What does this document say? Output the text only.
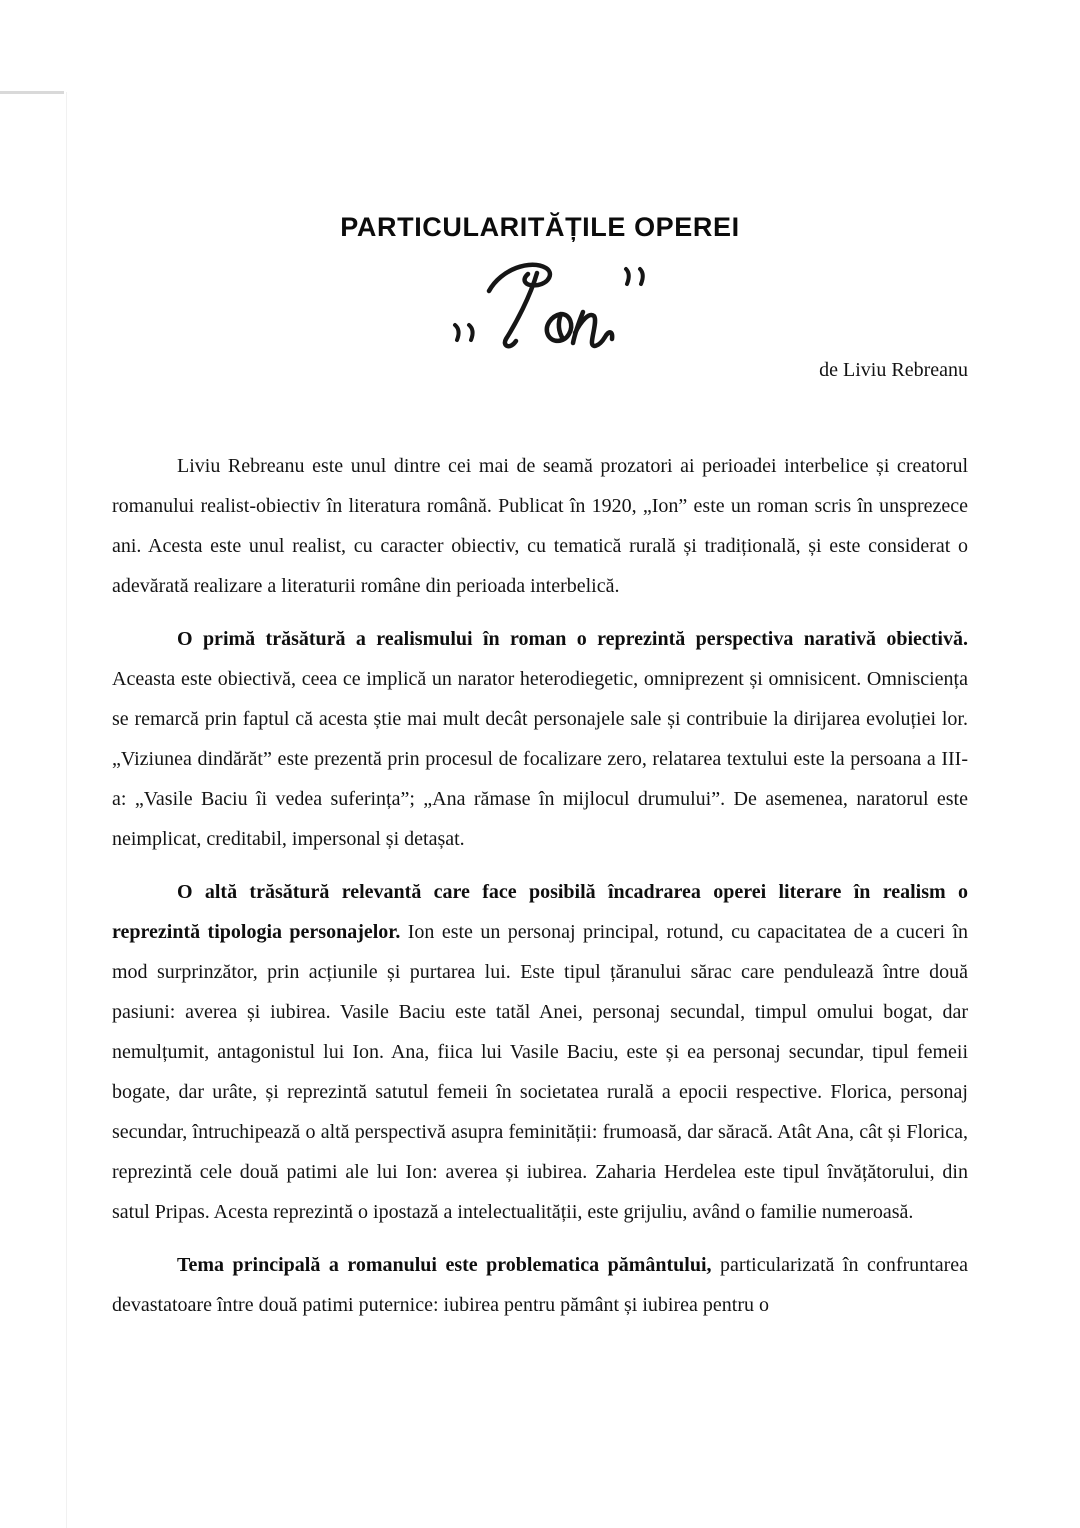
PARTICULARITĂȚILE OPEREI
de Liviu Rebreanu

Liviu Rebreanu este unul dintre cei mai de seamă prozatori ai perioadei interbelice și creatorul romanului realist-obiectiv în literatura română. Publicat în 1920, „Ion” este un roman scris în unsprezece ani. Acesta este unul realist, cu caracter obiectiv, cu tematică rurală și tradițională, și este considerat o adevărată realizare a literaturii române din perioada interbelică.

O primă trăsătură a realismului în roman o reprezintă perspectiva narativă obiectivă. Aceasta este obiectivă, ceea ce implică un narator heterodiegetic, omniprezent și omnisicent. Omnisciența se remarcă prin faptul că acesta știe mai mult decât personajele sale și contribuie la dirijarea evoluției lor. „Viziunea dindărăt” este prezentă prin procesul de focalizare zero, relatarea textului este la persoana a III-a: „Vasile Baciu îi vedea suferința”; „Ana rămase în mijlocul drumului”. De asemenea, naratorul este neimplicat, creditabil, impersonal și detașat.

O altă trăsătură relevantă care face posibilă încadrarea operei literare în realism o reprezintă tipologia personajelor. Ion este un personaj principal, rotund, cu capacitatea de a cuceri în mod surprinzător, prin acțiunile și purtarea lui. Este tipul țăranului sărac care pendulează între două pasiuni: averea și iubirea. Vasile Baciu este tatăl Anei, personaj secundal, timpul omului bogat, dar nemulțumit, antagonistul lui Ion. Ana, fiica lui Vasile Baciu, este și ea personaj secundar, tipul femeii bogate, dar urâte, și reprezintă satutul femeii în societatea rurală a epocii respective. Florica, personaj secundar, întruchipează o altă perspectivă asupra feminității: frumoasă, dar săracă. Atât Ana, cât și Florica, reprezintă cele două patimi ale lui Ion: averea și iubirea. Zaharia Herdelea este tipul învățătorului, din satul Pripas. Acesta reprezintă o ipostază a intelectualității, este grijuliu, având o familie numeroasă.

Tema principală a romanului este problematica pământului, particularizată în confruntarea devastatoare între două patimi puternice: iubirea pentru pământ și iubirea pentru o
